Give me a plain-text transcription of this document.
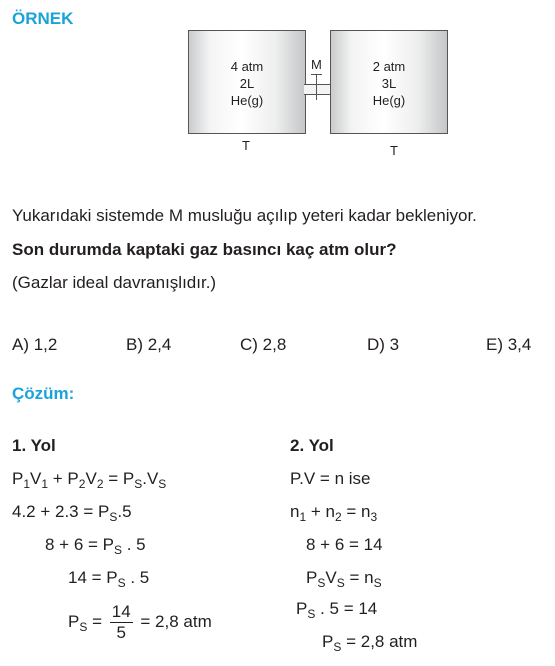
ÖRNEK
4 atm
2L
He(g)
M	2 atm
3L
He(g)
T	T
Yukarıdaki sistemde M musluğu açılıp yeteri kadar bekleniyor.
Son durumda kaptaki gaz basıncı kaç atm olur?
(Gazlar ideal davranışlıdır.)
A) 1,2	B) 2,4	C) 2,8	D) 3	E) 3,4
Çözüm:
1. Yol
$P_1V_1 + P_2V_2 = P_S.V_S$
$4.2 + 2.3 = P_S.5$
$8 + 6 = P_S$ . 5
$14 = P_S$ . 5
$P_S = \frac{14}{5} = 2,8$ atm
2. Yol
P.V = n ise
$n_1 + n_2 = n_3$
8 + 6 = 14
$P_SV_S = n_S$
$P_S$ . 5 = 14
$P_S = 2,8$ atm
